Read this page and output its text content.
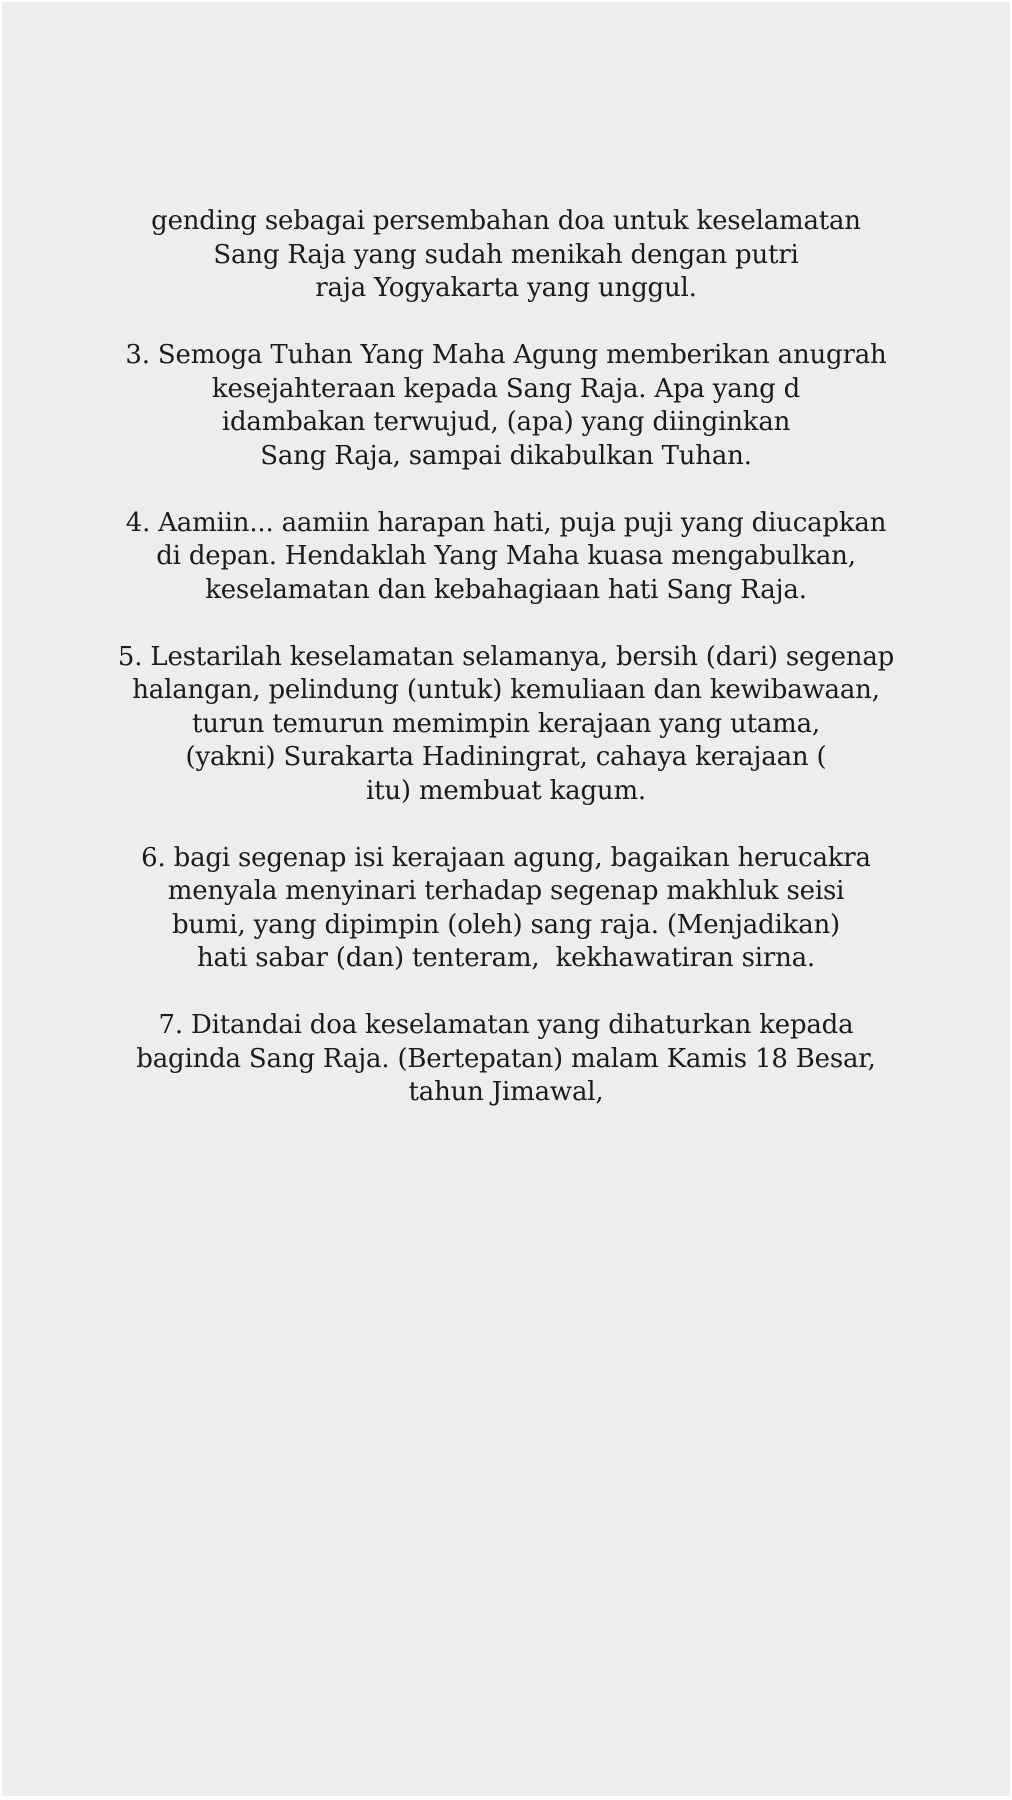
gending sebagai persembahan doa untuk keselamatan
Sang Raja yang sudah menikah dengan putri
raja Yogyakarta yang unggul.

3. Semoga Tuhan Yang Maha Agung memberikan anugrah
kesejahteraan kepada Sang Raja. Apa yang d
idambakan terwujud, (apa) yang diinginkan
Sang Raja, sampai dikabulkan Tuhan.

4. Aamiin... aamiin harapan hati, puja puji yang diucapkan
di depan. Hendaklah Yang Maha kuasa mengabulkan,
keselamatan dan kebahagiaan hati Sang Raja.

5. Lestarilah keselamatan selamanya, bersih (dari) segenap
halangan, pelindung (untuk) kemuliaan dan kewibawaan,
turun temurun memimpin kerajaan yang utama,
(yakni) Surakarta Hadiningrat, cahaya kerajaan (
itu) membuat kagum.

6. bagi segenap isi kerajaan agung, bagaikan herucakra
menyala menyinari terhadap segenap makhluk seisi
bumi, yang dipimpin (oleh) sang raja. (Menjadikan)
hati sabar (dan) tenteram,  kekhawatiran sirna.

7. Ditandai doa keselamatan yang dihaturkan kepada
baginda Sang Raja. (Bertepatan) malam Kamis 18 Besar,
tahun Jimawal,
